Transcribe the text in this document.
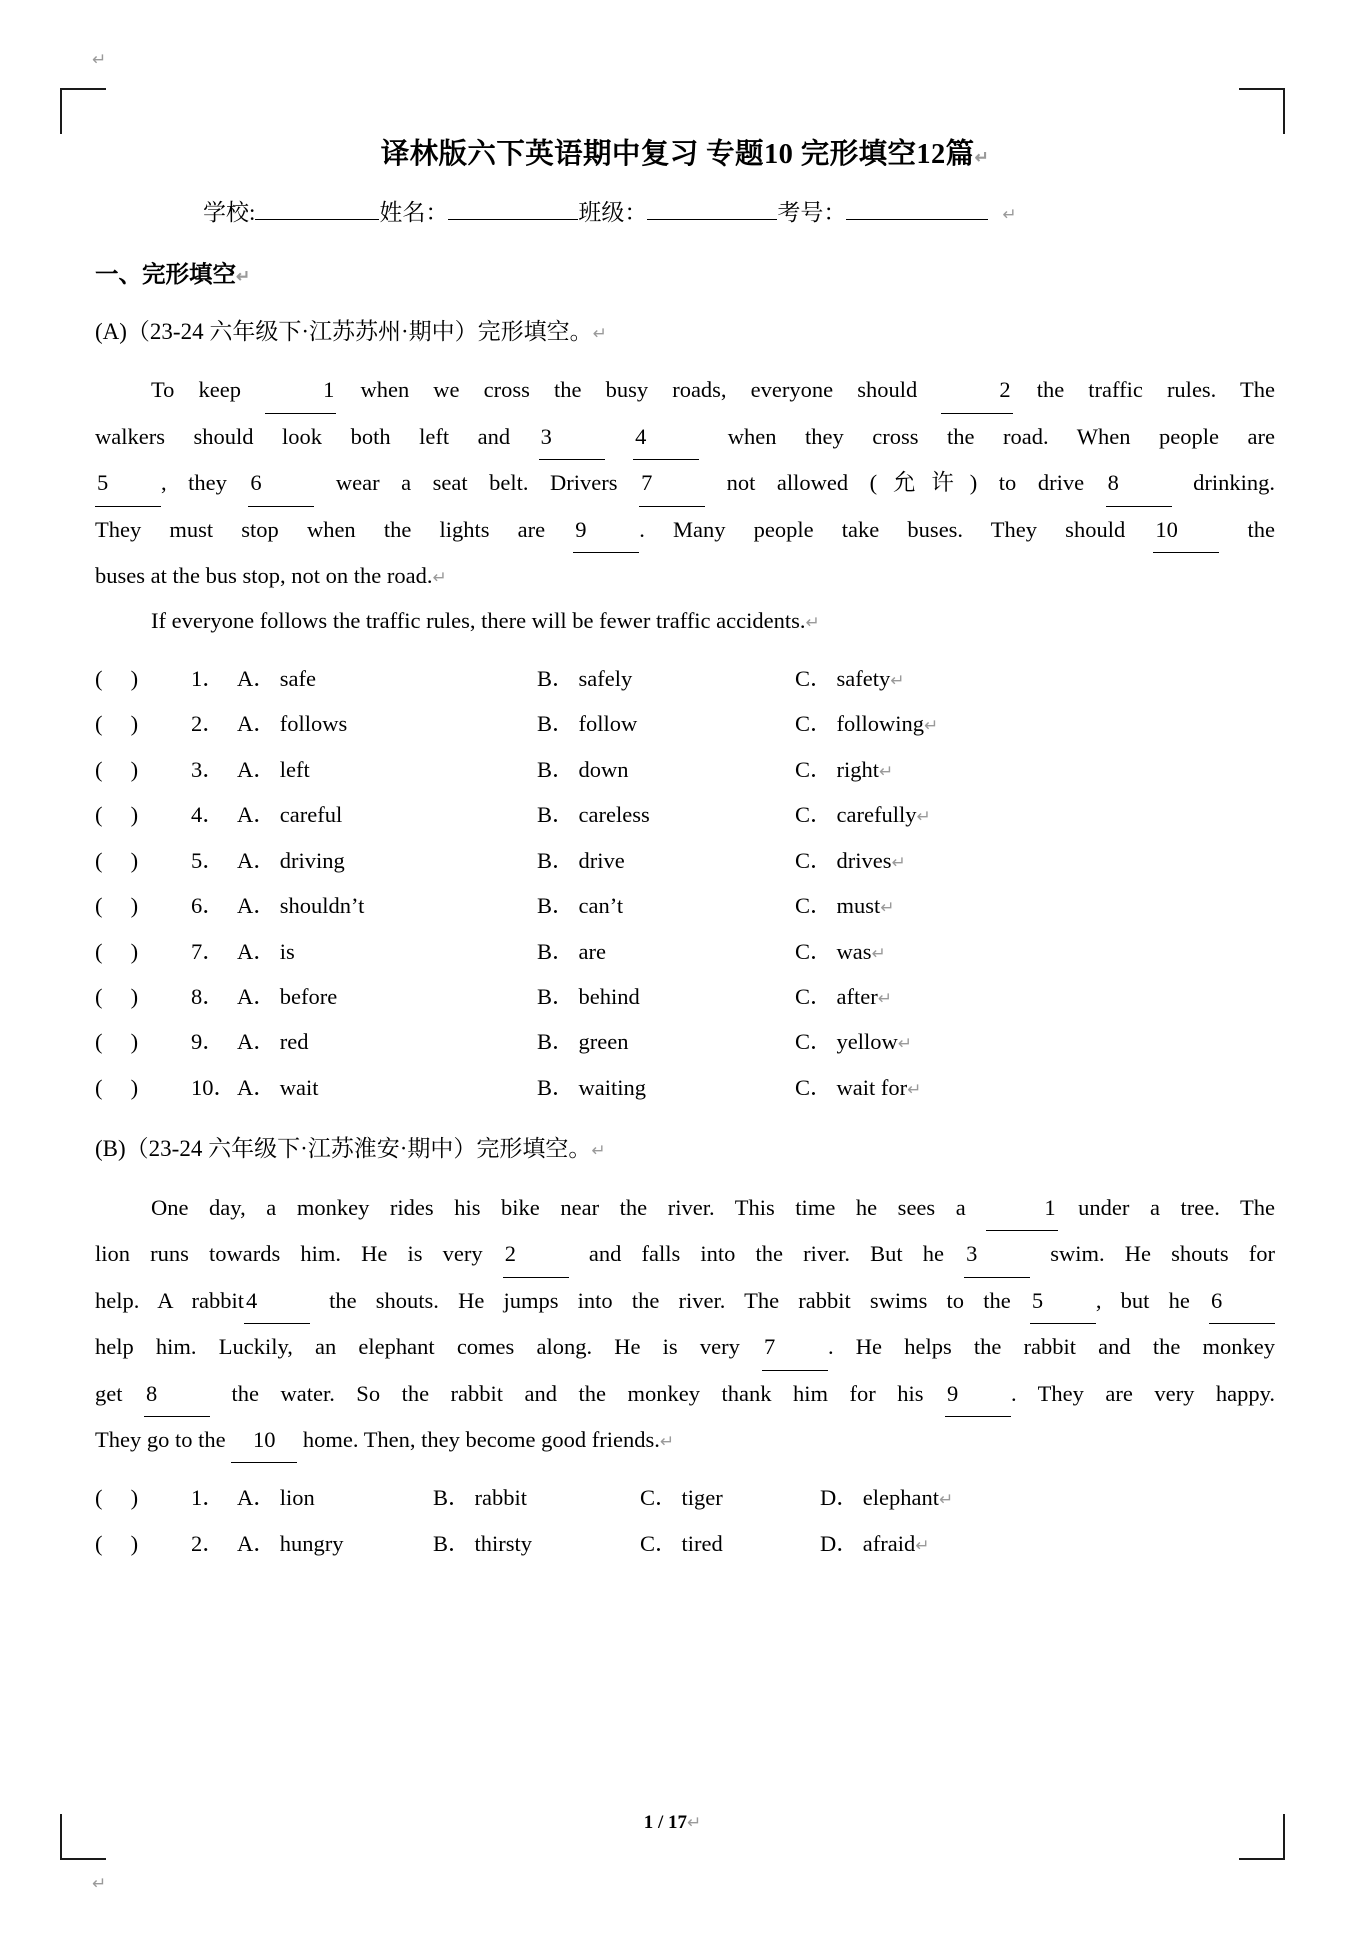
↵
↵
译林版六下英语期中复习 专题10 完形填空12篇↵
学校:	姓名：	班级：	考号：	↵
一、完形填空↵
(A)（23-24 六年级下·江苏苏州·期中）完形填空。↵

To keep	1 when we cross the busy roads, everyone should	2 the traffic rules. The

walkers should look both left and 3	4 when they cross the road. When people are

5 , they 6 wear a seat belt. Drivers 7 not allowed (允许) to drive 8 drinking.

They must stop when the lights are 9 . Many people take buses. They should 10 the

buses at the bus stop, not on the road.↵

If everyone follows the traffic rules, there will be fewer traffic accidents.↵

(     )	1． A． safe	B． safely	C． safety↵
(     )	2． A． follows	B． follow	C． following↵
(     )	3． A． left	B． down	C． right↵
(     )	4． A． careful	B． careless	C． carefully↵
(     )	5． A． driving	B． drive	C． drives↵
(     )	6． A． shouldn’t	B． can’t	C． must↵
(     )	7． A． is	B． are	C． was↵
(     )	8． A． before	B． behind	C． after↵
(     )	9． A． red	B． green	C． yellow↵
(     )	10． A． wait	B． waiting	C． wait for↵
(B)（23-24 六年级下·江苏淮安·期中）完形填空。↵

One day, a monkey rides his bike near the river. This time he sees a	1 under a tree. The

lion runs towards him. He is very 2 and falls into the river. But he 3 swim. He shouts for

help. A rabbit4 the shouts. He jumps into the river. The rabbit swims to the 5 , but he 6

help him. Luckily, an elephant comes along. He is very 7 . He helps the rabbit and the monkey

get 8 the water. So the rabbit and the monkey thank him for his 9 . They are very happy.

They go to the 10 home. Then, they become good friends.↵

(     )	1． A． lion	B． rabbit	C． tiger	D． elephant↵
(     )	2． A． hungry	B． thirsty	C． tired	D． afraid↵
1 / 17↵
